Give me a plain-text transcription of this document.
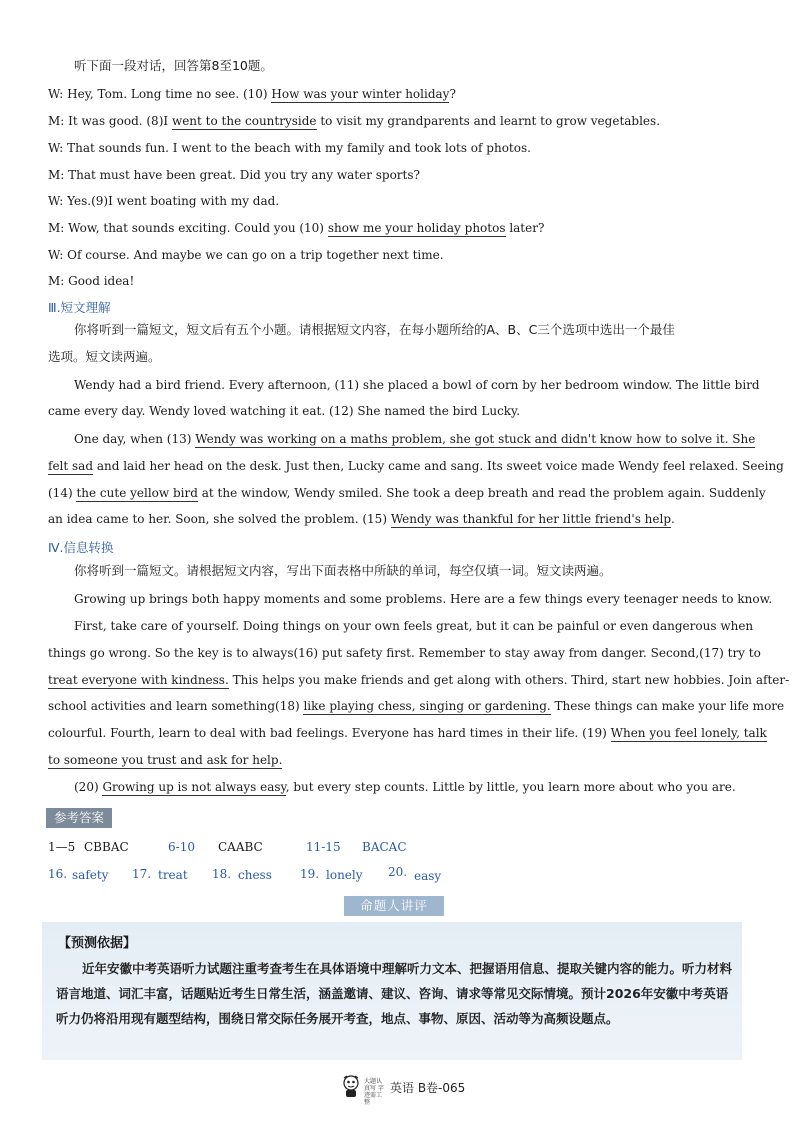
听下面一段对话，回答第8至10题。
W: Hey, Tom. Long time no see. (10) How was your winter holiday?
M: It was good. (8)I went to the countryside to visit my grandparents and learnt to grow vegetables.
W: That sounds fun. I went to the beach with my family and took lots of photos.
M: That must have been great. Did you try any water sports?
W: Yes.(9)I went boating with my dad.
M: Wow, that sounds exciting. Could you (10) show me your holiday photos later?
W: Of course. And maybe we can go on a trip together next time.
M: Good idea!
Ⅲ.短文理解
你将听到一篇短文，短文后有五个小题。请根据短文内容，在每小题所给的A、B、C三个选项中选出一个最佳
选项。短文读两遍。
Wendy had a bird friend. Every afternoon, (11) she placed a bowl of corn by her bedroom window. The little bird
came every day. Wendy loved watching it eat. (12) She named the bird Lucky.
One day, when (13) Wendy was working on a maths problem, she got stuck and didn't know how to solve it. She
felt sad and laid her head on the desk. Just then, Lucky came and sang. Its sweet voice made Wendy feel relaxed. Seeing
(14) the cute yellow bird at the window, Wendy smiled. She took a deep breath and read the problem again. Suddenly
an idea came to her. Soon, she solved the problem. (15) Wendy was thankful for her little friend's help.
Ⅳ.信息转换
你将听到一篇短文。请根据短文内容，写出下面表格中所缺的单词，每空仅填一词。短文读两遍。
Growing up brings both happy moments and some problems. Here are a few things every teenager needs to know.
First, take care of yourself. Doing things on your own feels great, but it can be painful or even dangerous when
things go wrong. So the key is to always(16) put safety first. Remember to stay away from danger. Second,(17) try to
treat everyone with kindness. This helps you make friends and get along with others. Third, start new hobbies. Join after-
school activities and learn something(18) like playing chess, singing or gardening. These things can make your life more
colourful. Fourth, learn to deal with bad feelings. Everyone has hard times in their life. (19) When you feel lonely, talk
to someone you trust and ask for help.
(20) Growing up is not always easy, but every step counts. Little by little, you learn more about who you are.
参考答案
1—5 CBBAC	6-10 CAABC	11-15 BACAC
16. safety 17. treat 18. chess 19. lonely 20. easy
命题人讲评
【预测依据】
近年安徽中考英语听力试题注重考查考生在具体语境中理解听力文本、把握语用信息、提取关键内容的能力。听力材料语言地道、词汇丰富，话题贴近考生日常生活，涵盖邀请、建议、咨询、请求等常见交际情境。预计2026年安徽中考英语听力仍将沿用现有题型结构，围绕日常交际任务展开考查，地点、事物、原因、活动等为高频设题点。
大题认真写 字迹需工整
英语 B卷-065
